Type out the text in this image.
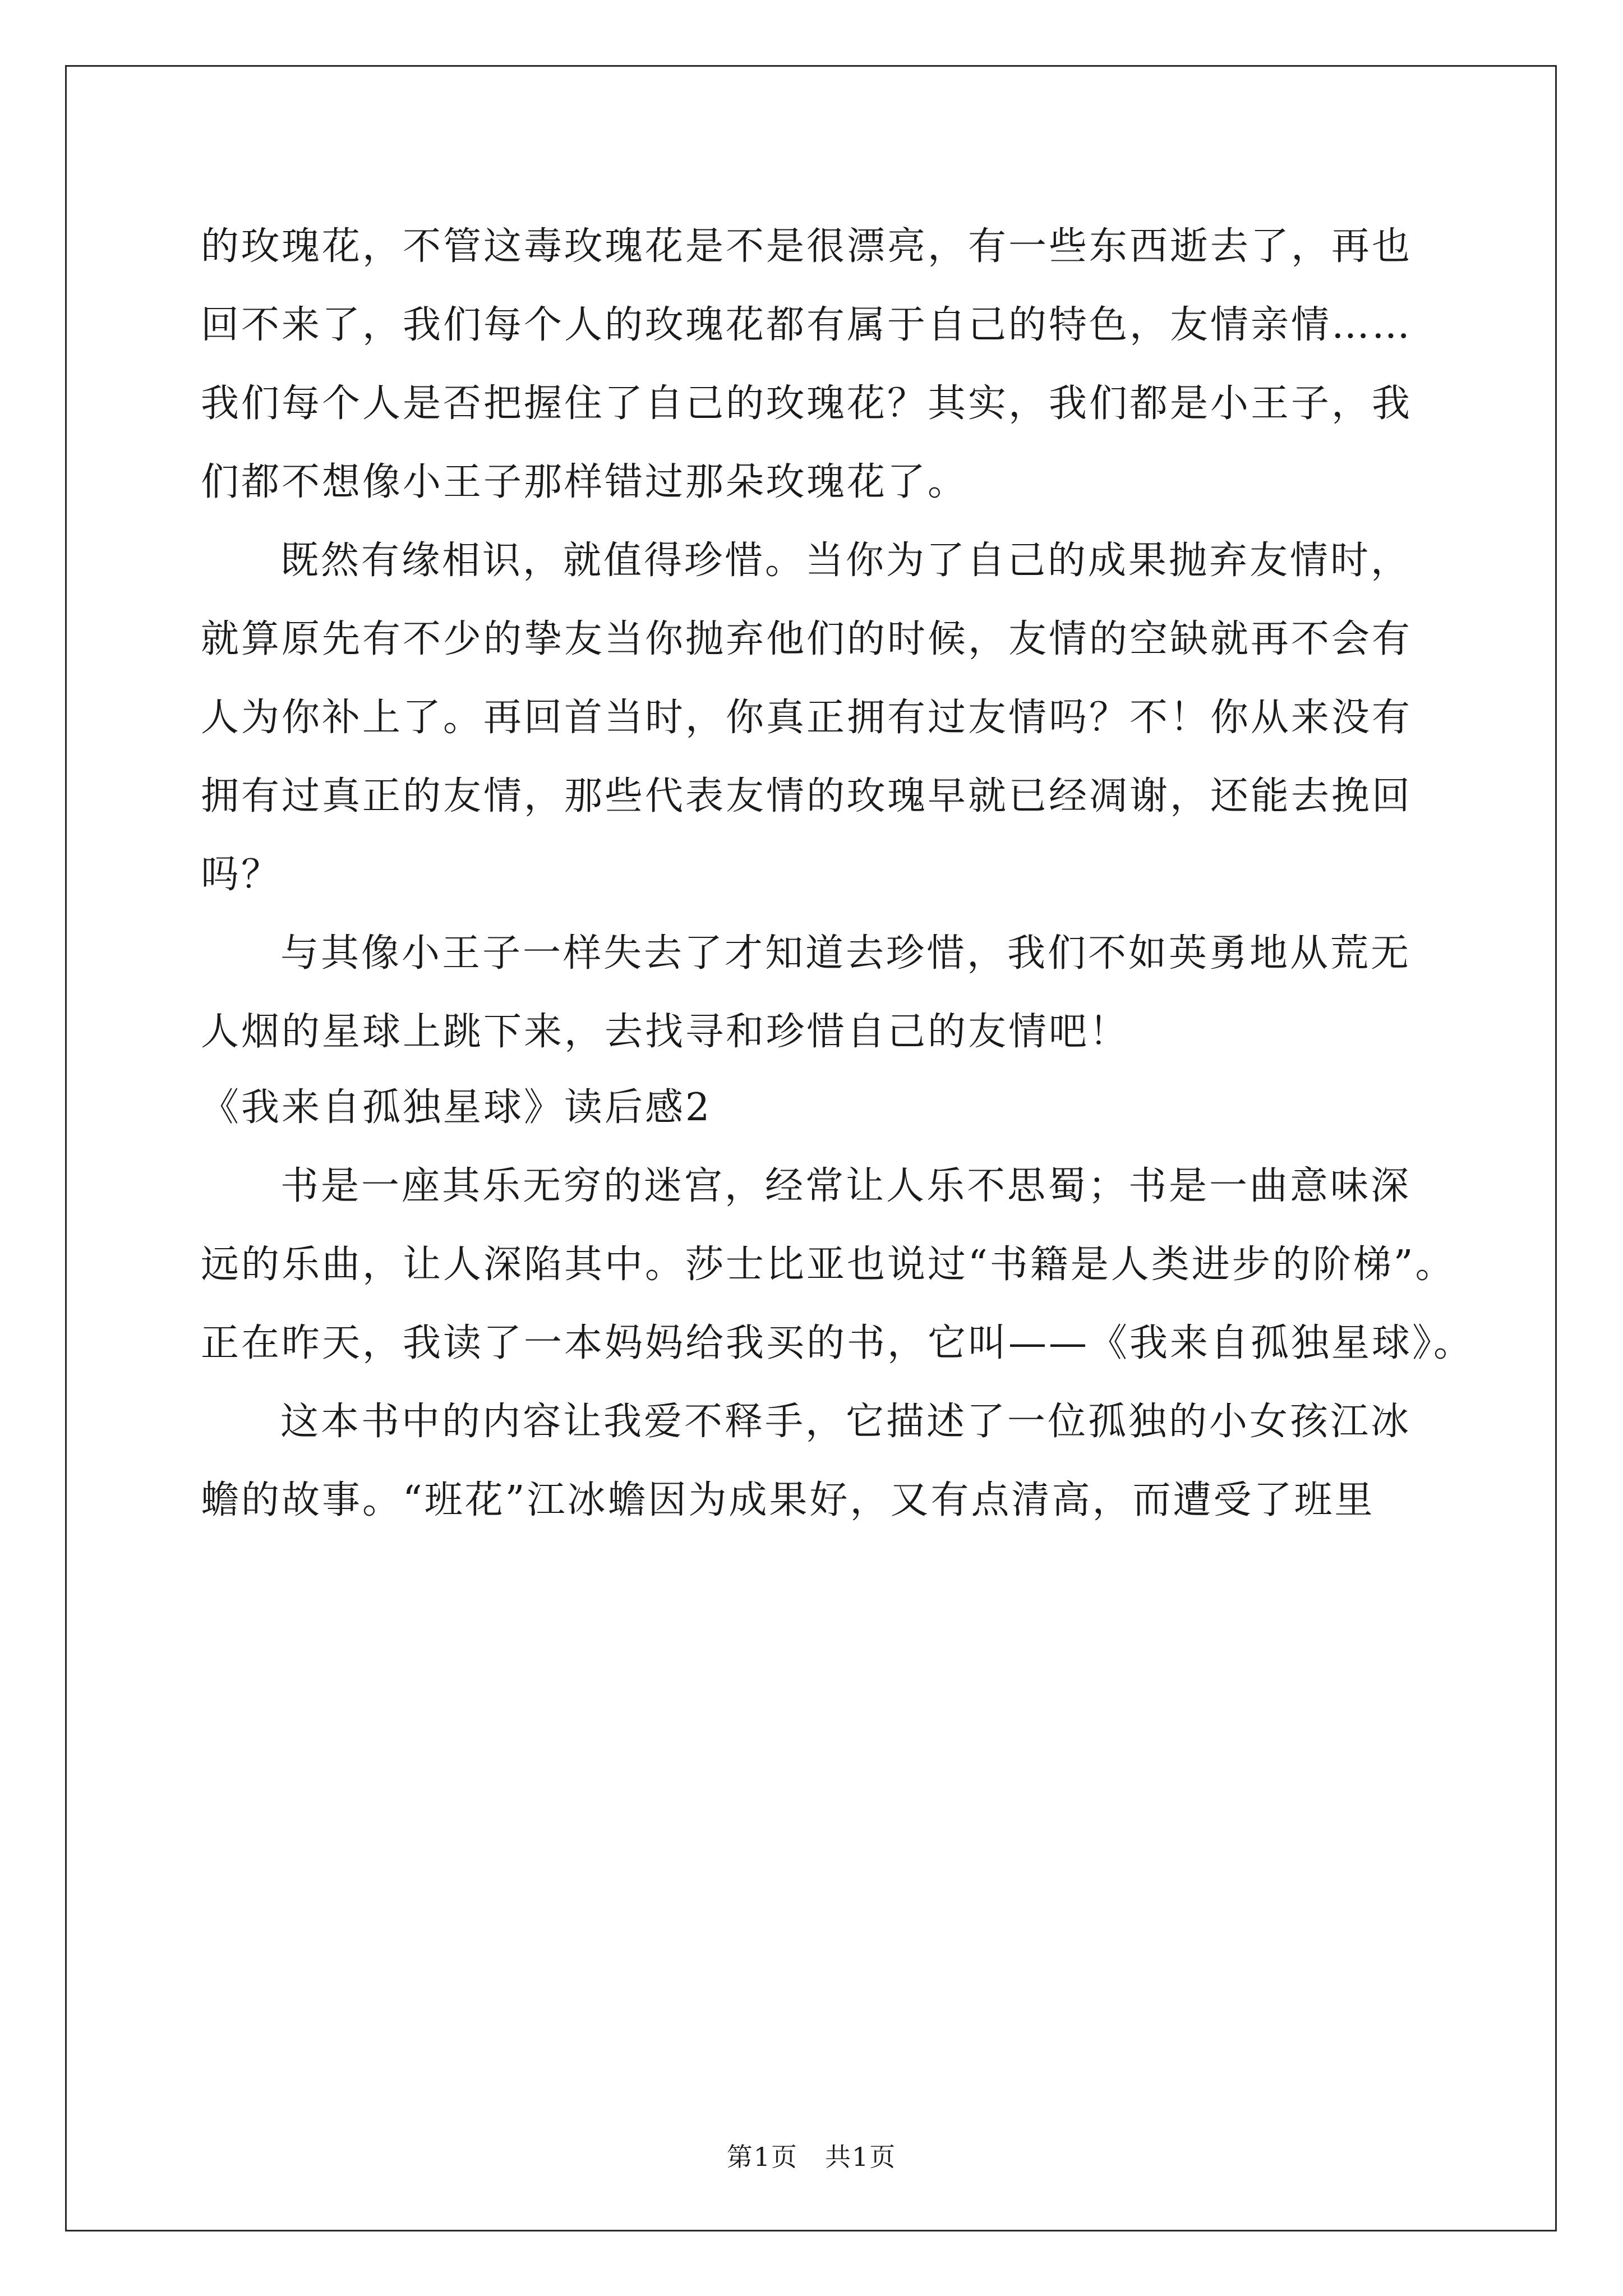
的玫瑰花，不管这毒玫瑰花是不是很漂亮，有一些东西逝去了，再也
回不来了，我们每个人的玫瑰花都有属于自己的特色，友情亲情……
我们每个人是否把握住了自己的玫瑰花？其实，我们都是小王子，我
们都不想像小王子那样错过那朵玫瑰花了。
既然有缘相识，就值得珍惜。当你为了自己的成果抛弃友情时，
就算原先有不少的挚友当你抛弃他们的时候，友情的空缺就再不会有
人为你补上了。再回首当时，你真正拥有过友情吗？不！你从来没有
拥有过真正的友情，那些代表友情的玫瑰早就已经凋谢，还能去挽回
吗？
与其像小王子一样失去了才知道去珍惜，我们不如英勇地从荒无
人烟的星球上跳下来，去找寻和珍惜自己的友情吧！
《我来自孤独星球》读后感2
书是一座其乐无穷的迷宫，经常让人乐不思蜀；书是一曲意味深
远的乐曲，让人深陷其中。莎士比亚也说过“书籍是人类进步的阶梯”。
正在昨天，我读了一本妈妈给我买的书，它叫——《我来自孤独星球》。
这本书中的内容让我爱不释手，它描述了一位孤独的小女孩江冰
蟾的故事。“班花”江冰蟾因为成果好，又有点清高，而遭受了班里
第1页　共1页
